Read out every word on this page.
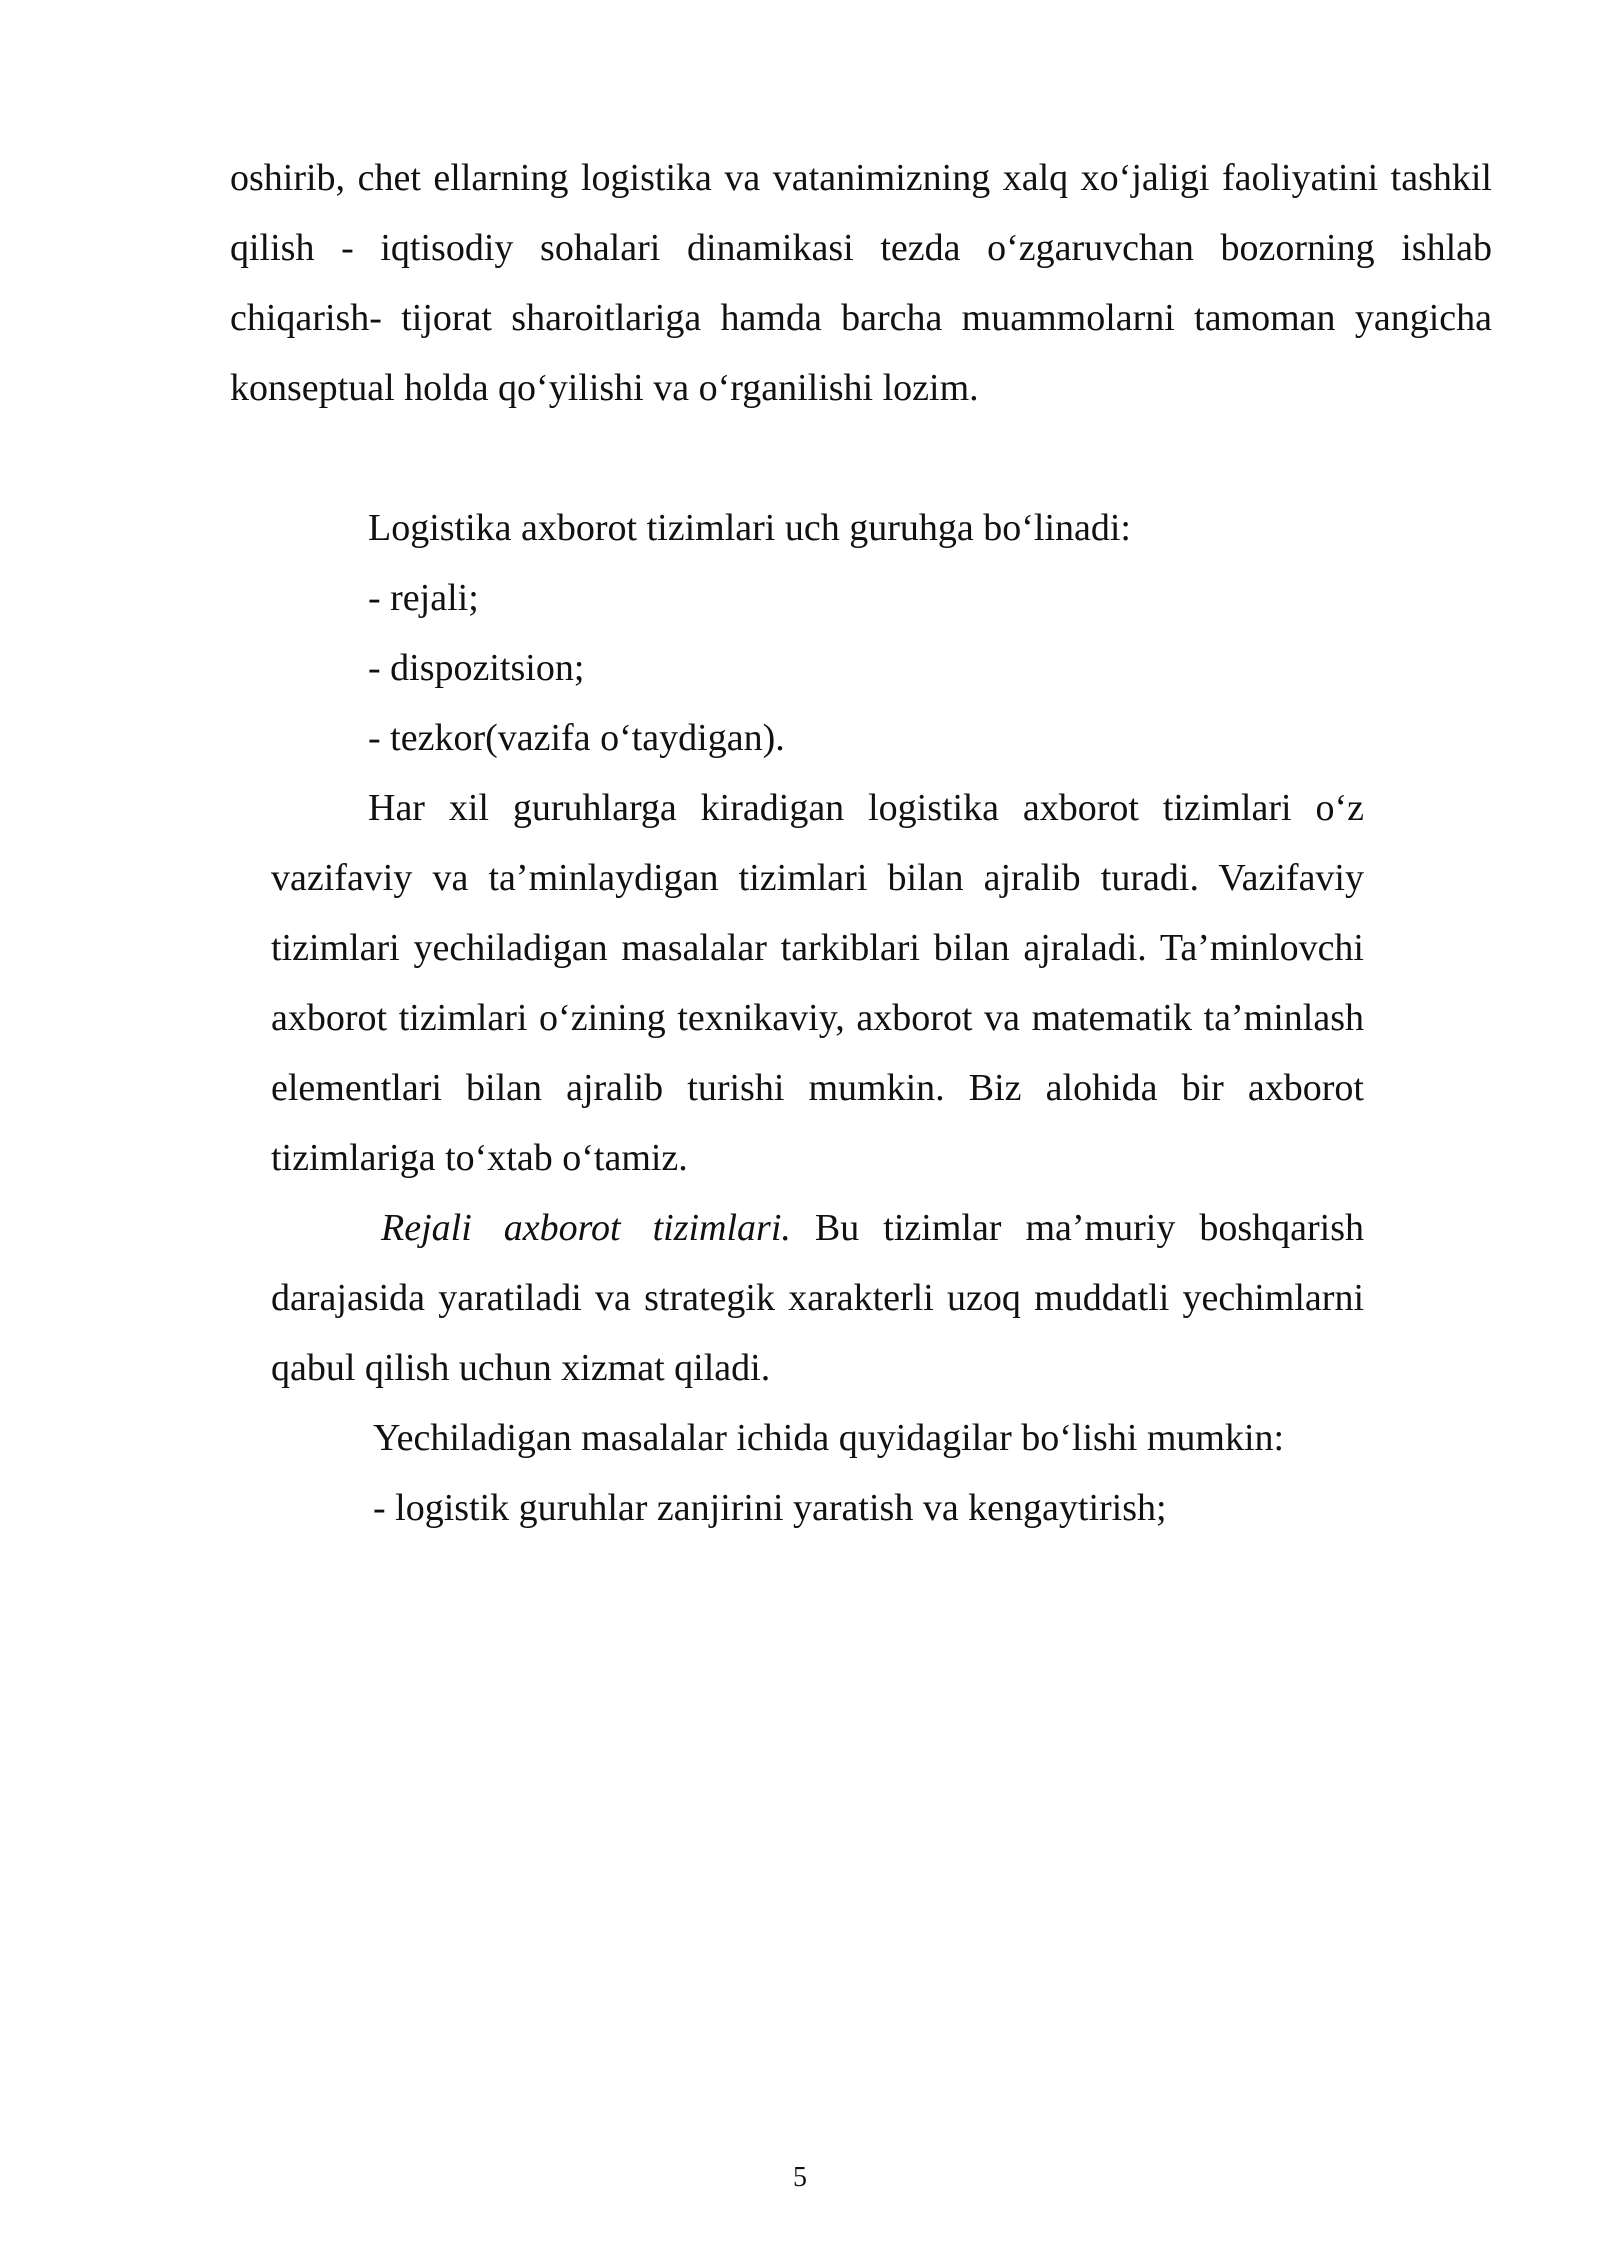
oshirib, chet ellarning logistika va vatanimizning xalq xo‘jaligi faoliyatini tashkil qilish - iqtisodiy sohalari dinamikasi tezda o‘zgaruvchan bozorning ishlab chiqarish- tijorat sharoitlariga hamda barcha muammolarni tamoman yangicha konseptual holda qo‘yilishi va o‘rganilishi lozim.

Logistika axborot tizimlari uch guruhga bo‘linadi:
- rejali;
- dispozitsion;
- tezkor(vazifa o‘taydigan).

Har xil guruhlarga kiradigan logistika axborot tizimlari o‘z vazifaviy va ta’minlaydigan tizimlari bilan ajralib turadi. Vazifaviy tizimlari yechiladigan masalalar tarkiblari bilan ajraladi. Ta’minlovchi axborot tizimlari o‘zining texnikaviy, axborot va matematik ta’minlash elementlari bilan ajralib turishi mumkin. Biz alohida bir axborot tizimlariga to‘xtab o‘tamiz.

Rejali axborot tizimlari. Bu tizimlar ma’muriy boshqarish darajasida yaratiladi va strategik xarakterli uzoq muddatli yechimlarni qabul qilish uchun xizmat qiladi.

Yechiladigan masalalar ichida quyidagilar bo‘lishi mumkin:
- logistik guruhlar zanjirini yaratish va kengaytirish;
5
